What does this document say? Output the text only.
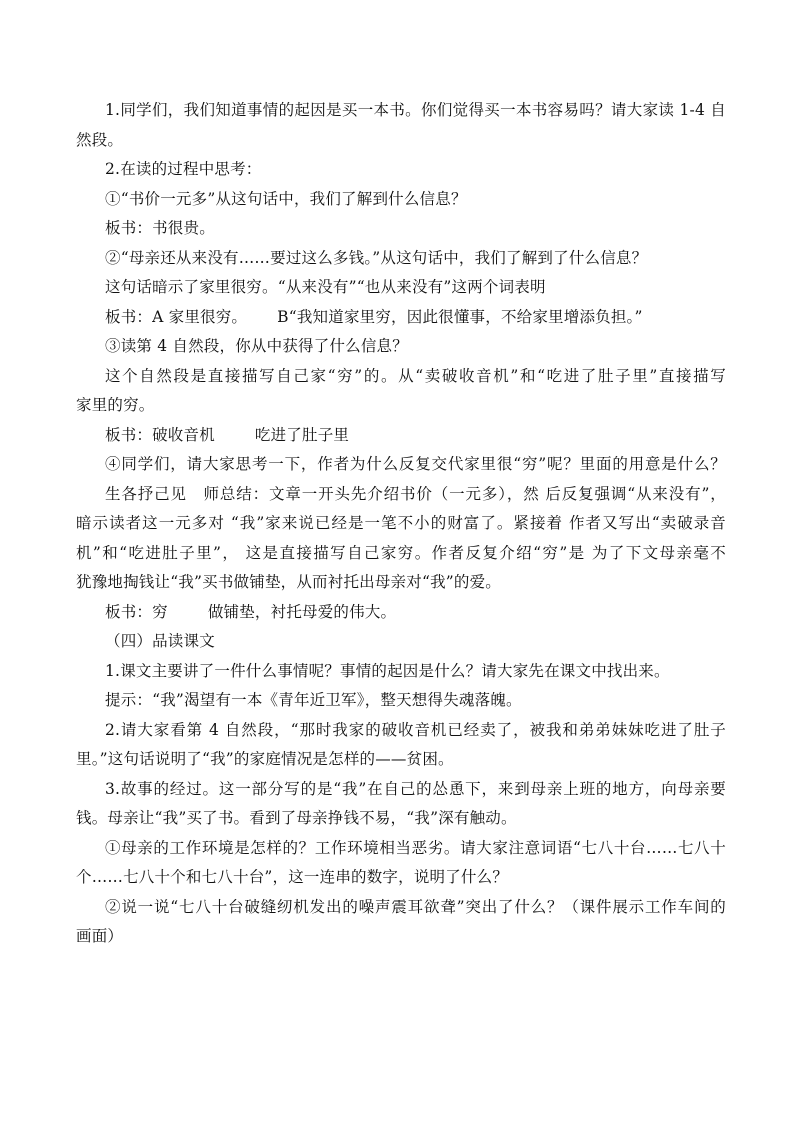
1.同学们，我们知道事情的起因是买一本书。你们觉得买一本书容易吗？请大家读 1-4 自
然段。
2.在读的过程中思考：
①“书价一元多”从这句话中，我们了解到什么信息？
板书：书很贵。
②“母亲还从来没有……要过这么多钱。”从这句话中，我们了解到了什么信息？
这句话暗示了家里很穷。“从来没有”“也从来没有”这两个词表明
板书：A 家里很穷。 B“我知道家里穷，因此很懂事，不给家里增添负担。”
③读第 4 自然段，你从中获得了什么信息？
这个自然段是直接描写自己家“穷”的。从“卖破收音机”和“吃进了肚子里”直接描写
家里的穷。
板书：破收音机	吃进了肚子里
④同学们，请大家思考一下，作者为什么反复交代家里很“穷”呢？里面的用意是什么？
生各抒己见 师总结：文章一开头先介绍书价（一元多），然 后反复强调“从来没有”，
暗示读者这一元多对 “我”家来说已经是一笔不小的财富了。紧接着 作者又写出“卖破录音
机”和“吃进肚子里”， 这是直接描写自己家穷。作者反复介绍“穷”是 为了下文母亲毫不
犹豫地掏钱让“我”买书做铺垫，从而衬托出母亲对“我”的爱。
板书：穷	做铺垫，衬托母爱的伟大。
（四）品读课文
1.课文主要讲了一件什么事情呢？事情的起因是什么？请大家先在课文中找出来。
提示：“我”渴望有一本《青年近卫军》，整天想得失魂落魄。
2.请大家看第 4 自然段，“那时我家的破收音机已经卖了，被我和弟弟妹妹吃进了肚子
里。”这句话说明了“我”的家庭情况是怎样的——贫困。
3.故事的经过。这一部分写的是“我”在自己的怂恿下，来到母亲上班的地方，向母亲要
钱。母亲让“我”买了书。看到了母亲挣钱不易，“我”深有触动。
①母亲的工作环境是怎样的？工作环境相当恶劣。请大家注意词语“七八十台……七八十
个……七八十个和七八十台”，这一连串的数字，说明了什么？
②说一说“七八十台破缝纫机发出的噪声震耳欲聋”突出了什么？（课件展示工作车间的
画面）
